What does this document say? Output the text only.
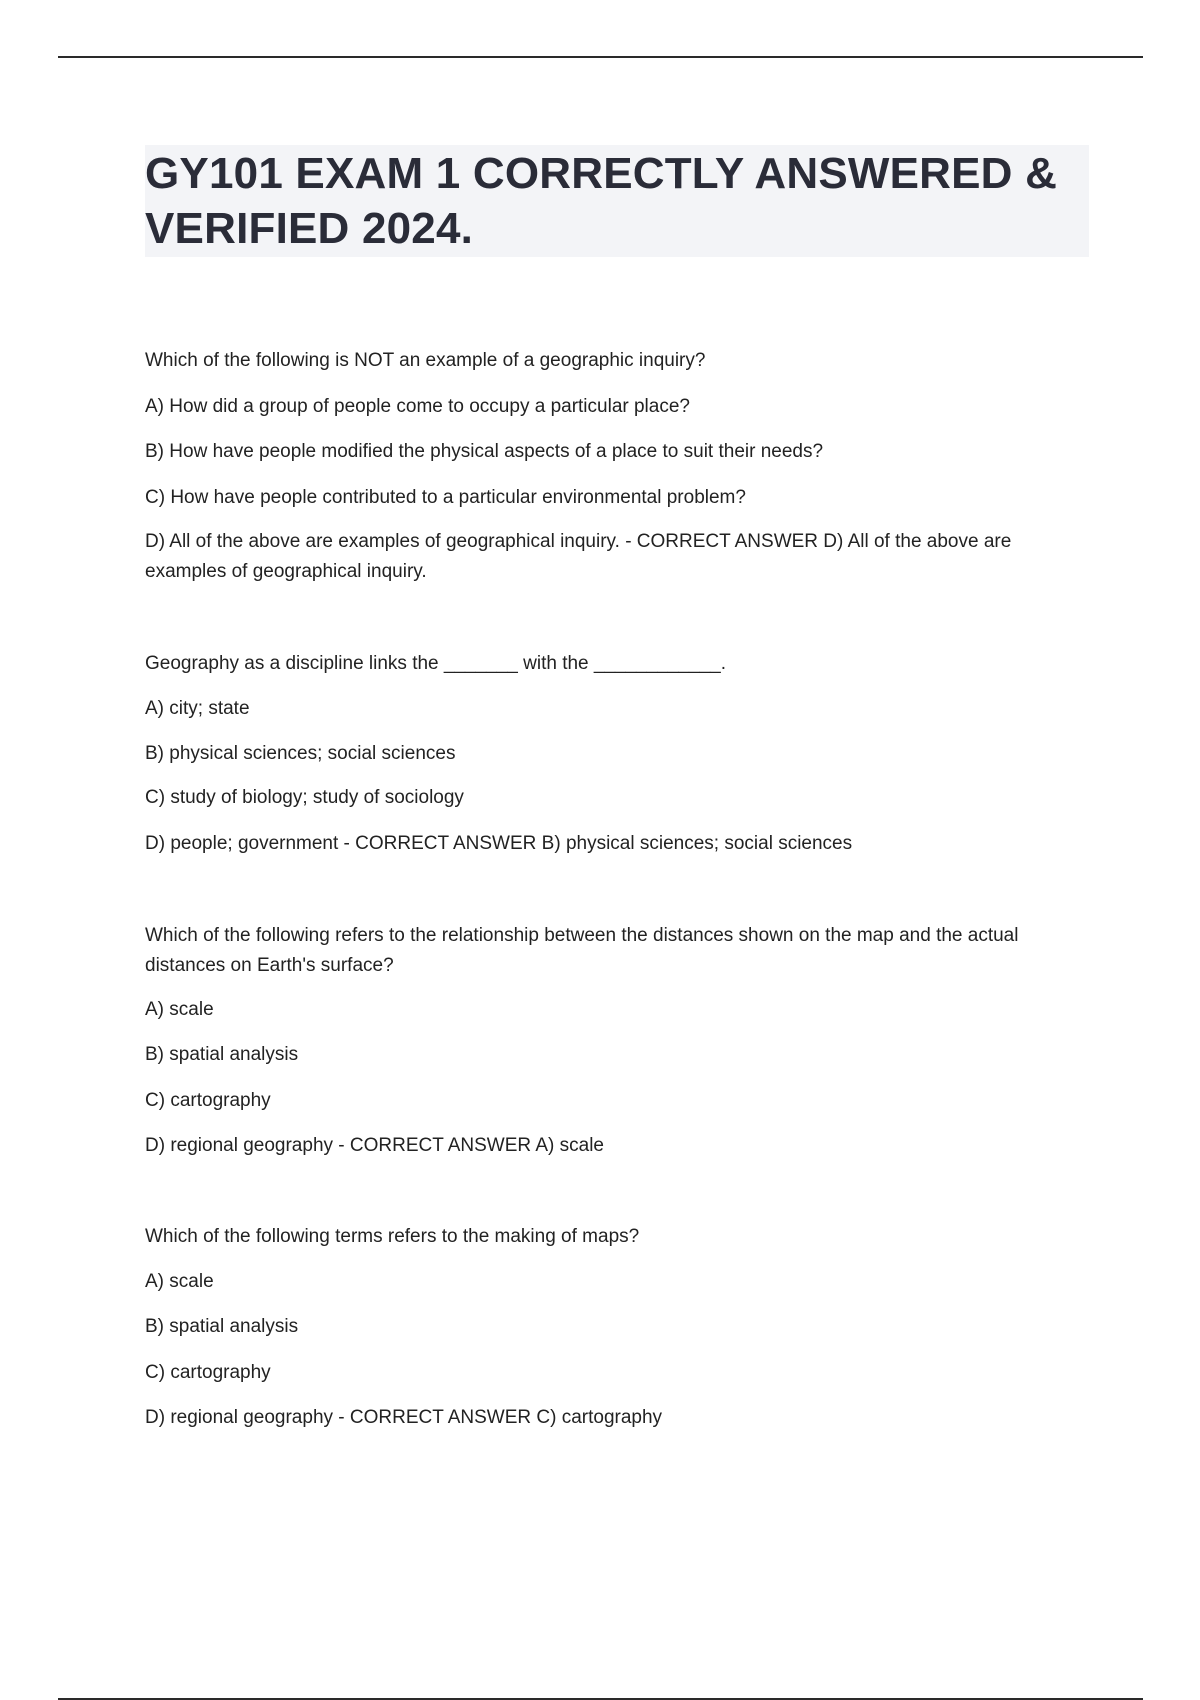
GY101 EXAM 1 CORRECTLY ANSWERED & VERIFIED 2024.
Which of the following is NOT an example of a geographic inquiry?
A) How did a group of people come to occupy a particular place?
B) How have people modified the physical aspects of a place to suit their needs?
C) How have people contributed to a particular environmental problem?
D) All of the above are examples of geographical inquiry. - CORRECT ANSWER D) All of the above are examples of geographical inquiry.
Geography as a discipline links the _______ with the ____________.
A) city; state
B) physical sciences; social sciences
C) study of biology; study of sociology
D) people; government - CORRECT ANSWER B) physical sciences; social sciences
Which of the following refers to the relationship between the distances shown on the map and the actual distances on Earth's surface?
A) scale
B) spatial analysis
C) cartography
D) regional geography - CORRECT ANSWER A) scale
Which of the following terms refers to the making of maps?
A) scale
B) spatial analysis
C) cartography
D) regional geography - CORRECT ANSWER C) cartography
